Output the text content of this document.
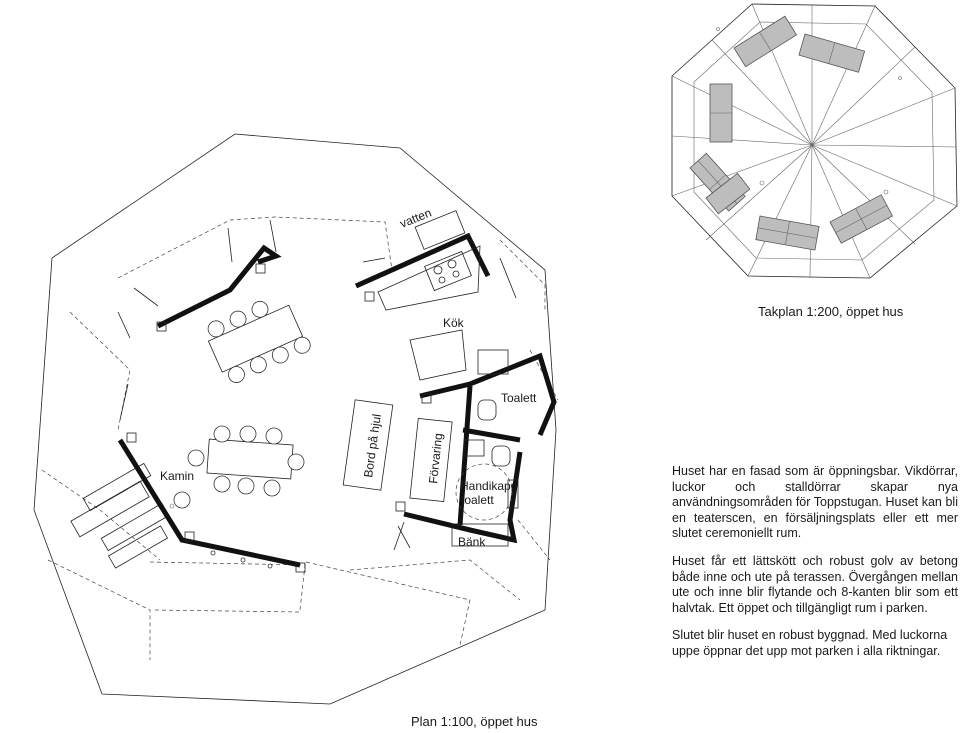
vatten
Kök
Toalett
Kamin	Bord på hjul	Förvaring
Handikapp
toalett
Bänk
Takplan 1:200, öppet hus
Plan 1:100, öppet hus

Huset har en fasad som är öppningsbar. Vikdörrar, luckor och stalldörrar skapar nya användningsområden för Toppstugan. Huset kan bli en teaterscen, en försäljningsplats eller ett mer slutet ceremoniellt rum.

Huset får ett lättskött och robust golv av betong både inne och ute på terassen. Övergången mellan ute och inne blir flytande och 8-kanten blir som ett halvtak. Ett öppet och tillgängligt rum i parken.

Slutet blir huset en robust byggnad. Med luckorna
uppe öppnar det upp mot parken i alla riktningar.
